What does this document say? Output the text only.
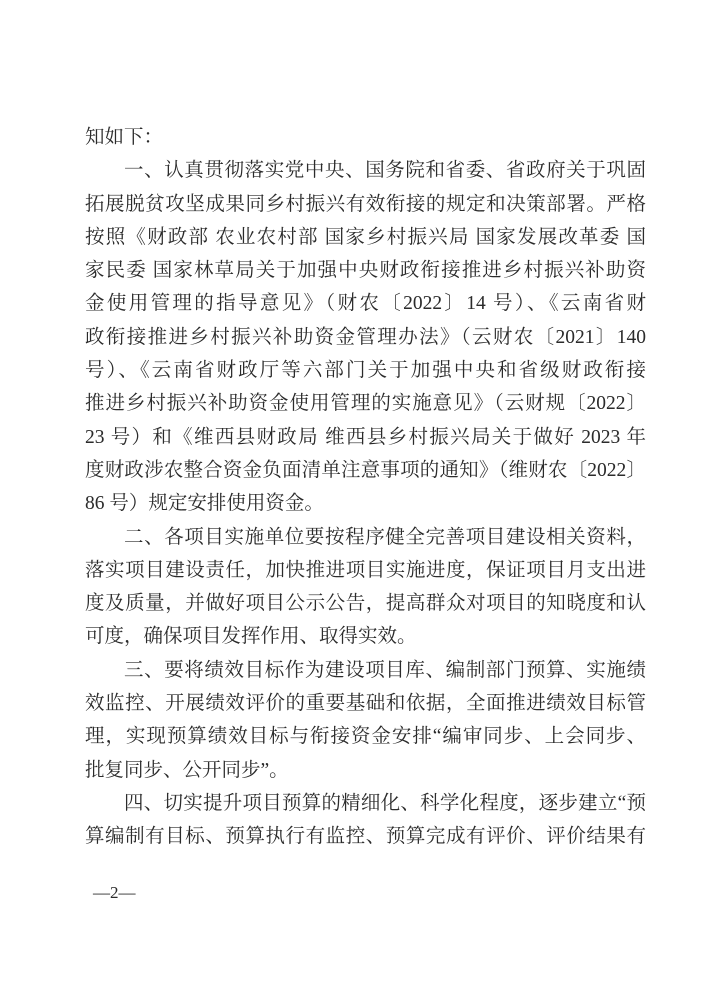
知如下：
一、认真贯彻落实党中央、国务院和省委、省政府关于巩固
拓展脱贫攻坚成果同乡村振兴有效衔接的规定和决策部署。严格
按照《财政部 农业农村部 国家乡村振兴局 国家发展改革委 国
家民委 国家林草局关于加强中央财政衔接推进乡村振兴补助资
金使用管理的指导意见》（财农〔2022〕14 号）、《云南省财
政衔接推进乡村振兴补助资金管理办法》（云财农〔2021〕140
号）、《云南省财政厅等六部门关于加强中央和省级财政衔接
推进乡村振兴补助资金使用管理的实施意见》（云财规〔2022〕
23 号）和《维西县财政局 维西县乡村振兴局关于做好 2023 年
度财政涉农整合资金负面清单注意事项的通知》（维财农〔2022〕
86 号）规定安排使用资金。
二、各项目实施单位要按程序健全完善项目建设相关资料，
落实项目建设责任，加快推进项目实施进度，保证项目月支出进
度及质量，并做好项目公示公告，提高群众对项目的知晓度和认
可度，确保项目发挥作用、取得实效。
三、要将绩效目标作为建设项目库、编制部门预算、实施绩
效监控、开展绩效评价的重要基础和依据，全面推进绩效目标管
理，实现预算绩效目标与衔接资金安排“编审同步、上会同步、
批复同步、公开同步”。
四、切实提升项目预算的精细化、科学化程度，逐步建立“预
算编制有目标、预算执行有监控、预算完成有评价、评价结果有
—2—
